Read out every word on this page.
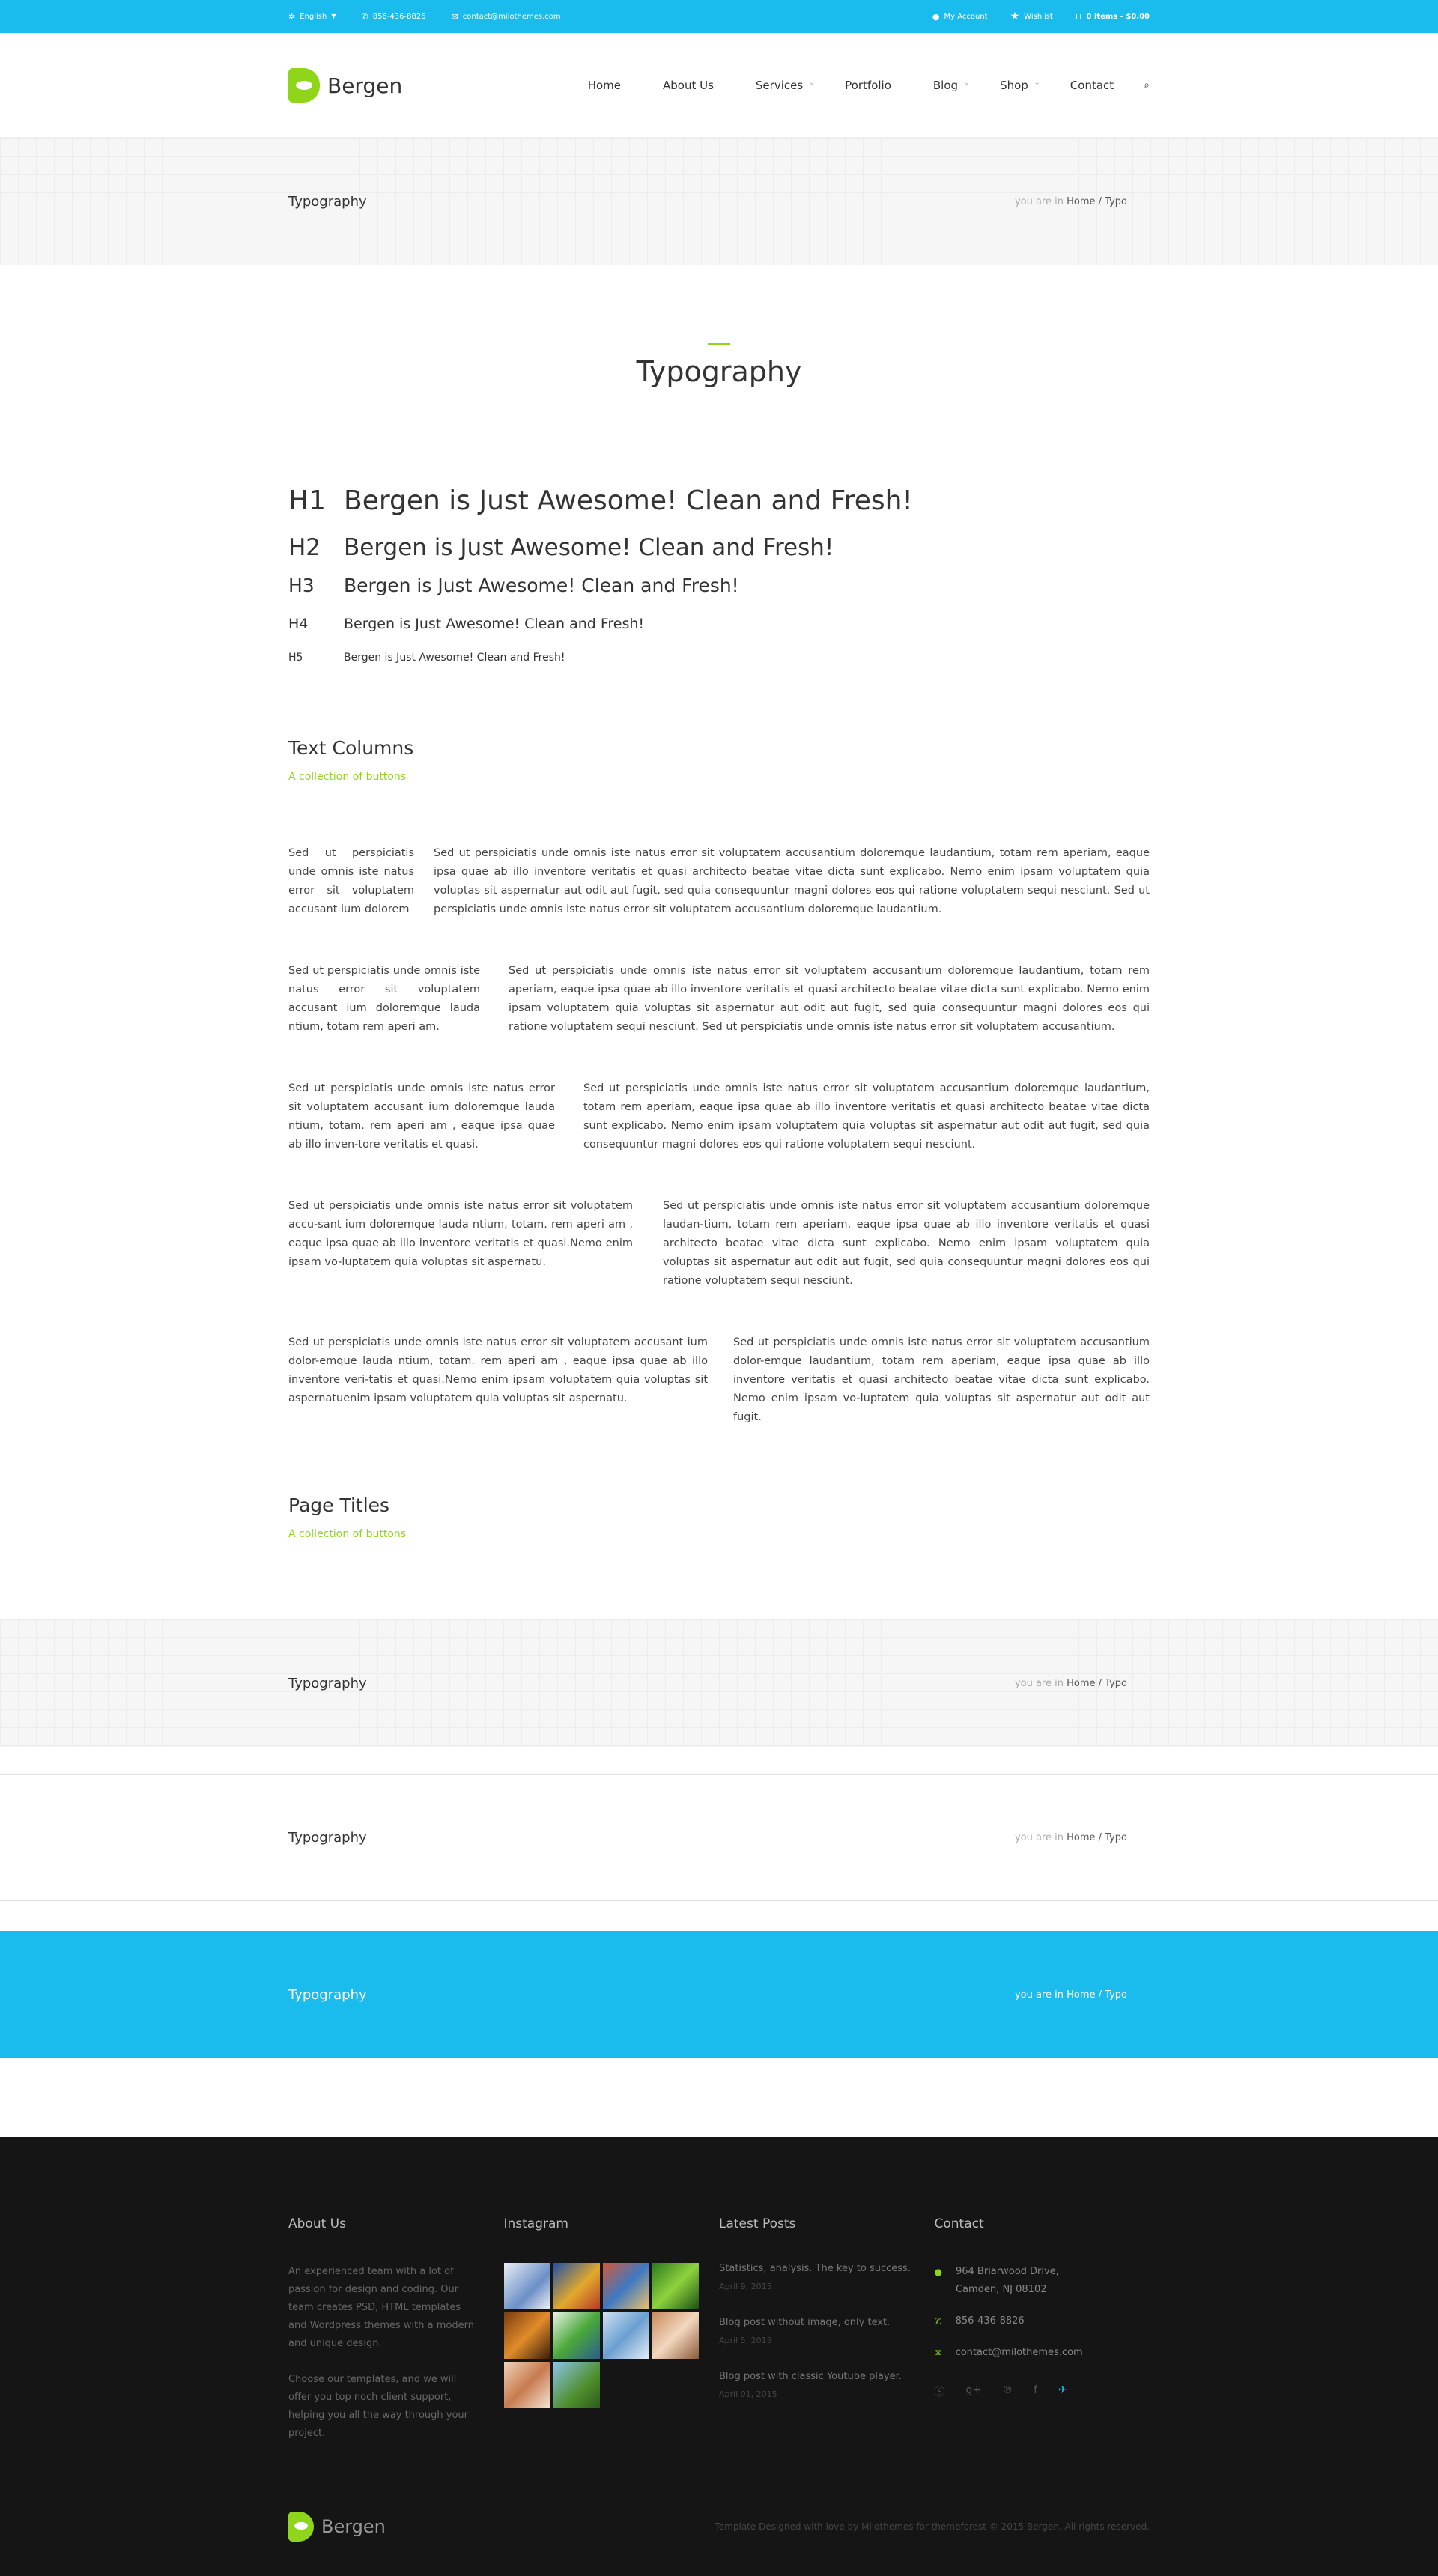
✲ English ▼	✆ 856-436-8826	✉ contact@milothemes.com	● My Account ★ Wishlist	⊔ 0 items - $0.00
Bergen	Home	About Us	Services ⌄	Portfolio	Blog ⌄	Shop ⌄	Contact	⌕
Typography	you are in Home / Typo
Typography
H1 Bergen is Just Awesome! Clean and Fresh!
H2 Bergen is Just Awesome! Clean and Fresh!
H3	Bergen is Just Awesome! Clean and Fresh!
H4	Bergen is Just Awesome! Clean and Fresh!
H5	Bergen is Just Awesome! Clean and Fresh!
Text Columns

A collection of buttons

Sed ut perspiciatis unde omnis iste natus error sit voluptatem accusant ium dolorem

Sed ut perspiciatis unde omnis iste natus error sit voluptatem accusantium doloremque laudantium, totam rem aperiam, eaque ipsa quae ab illo inventore veritatis et quasi architecto beatae vitae dicta sunt explicabo. Nemo enim ipsam voluptatem quia voluptas sit aspernatur aut odit aut fugit, sed quia consequuntur magni dolores eos qui ratione voluptatem sequi nesciunt. Sed ut perspiciatis unde omnis iste natus error sit voluptatem accusantium doloremque laudantium.

Sed ut perspiciatis unde omnis iste natus error sit voluptatem accusant ium doloremque lauda ntium, totam rem aperi am.

Sed ut perspiciatis unde omnis iste natus error sit voluptatem accusantium doloremque laudantium, totam rem aperiam, eaque ipsa quae ab illo inventore veritatis et quasi architecto beatae vitae dicta sunt explicabo. Nemo enim ipsam voluptatem quia voluptas sit aspernatur aut odit aut fugit, sed quia consequuntur magni dolores eos qui ratione voluptatem sequi nesciunt. Sed ut perspiciatis unde omnis iste natus error sit voluptatem accusantium.

Sed ut perspiciatis unde omnis iste natus error sit voluptatem accusant ium doloremque lauda ntium, totam. rem aperi am , eaque ipsa quae ab illo inven-tore veritatis et quasi.

Sed ut perspiciatis unde omnis iste natus error sit voluptatem accusantium doloremque laudantium, totam rem aperiam, eaque ipsa quae ab illo inventore veritatis et quasi architecto beatae vitae dicta sunt explicabo. Nemo enim ipsam voluptatem quia voluptas sit aspernatur aut odit aut fugit, sed quia consequuntur magni dolores eos qui ratione voluptatem sequi nesciunt.

Sed ut perspiciatis unde omnis iste natus error sit voluptatem accu-sant ium doloremque lauda ntium, totam. rem aperi am , eaque ipsa quae ab illo inventore veritatis et quasi.Nemo enim ipsam vo-luptatem quia voluptas sit aspernatu.

Sed ut perspiciatis unde omnis iste natus error sit voluptatem accusantium doloremque laudan-tium, totam rem aperiam, eaque ipsa quae ab illo inventore veritatis et quasi architecto beatae vitae dicta sunt explicabo. Nemo enim ipsam voluptatem quia voluptas sit aspernatur aut odit aut fugit, sed quia consequuntur magni dolores eos qui ratione voluptatem sequi nesciunt.

Sed ut perspiciatis unde omnis iste natus error sit voluptatem accusant ium dolor-emque lauda ntium, totam. rem aperi am , eaque ipsa quae ab illo inventore veri-tatis et quasi.Nemo enim ipsam voluptatem quia voluptas sit aspernatuenim ipsam voluptatem quia voluptas sit aspernatu.

Sed ut perspiciatis unde omnis iste natus error sit voluptatem accusantium dolor-emque laudantium, totam rem aperiam, eaque ipsa quae ab illo inventore veritatis et quasi architecto beatae vitae dicta sunt explicabo. Nemo enim ipsam vo-luptatem quia voluptas sit aspernatur aut odit aut fugit.

Page Titles

A collection of buttons

Typography	you are in Home / Typo
Typography	you are in Home / Typo
Typography	you are in Home / Typo
About Us

An experienced team with a lot of passion for design and coding. Our team creates PSD, HTML templates and Wordpress themes with a modern and unique design.

Choose our templates, and we will offer you top noch client support, helping you all the way through your project.

Instagram	Latest Posts
Statistics, analysis. The key to success.
April 9, 2015
Blog post without image, only text.
April 5, 2015
Blog post with classic Youtube player.
April 01, 2015
Contact
● 964 Briarwood Drive, Camden, NJ 08102
✆ 856-436-8826
✉ contact@milothemes.com
Ⓢ g+ ℗ f ✈
Bergen	Template Designed with love by Milothemes for themeforest © 2015 Bergen. All rights reserved.
